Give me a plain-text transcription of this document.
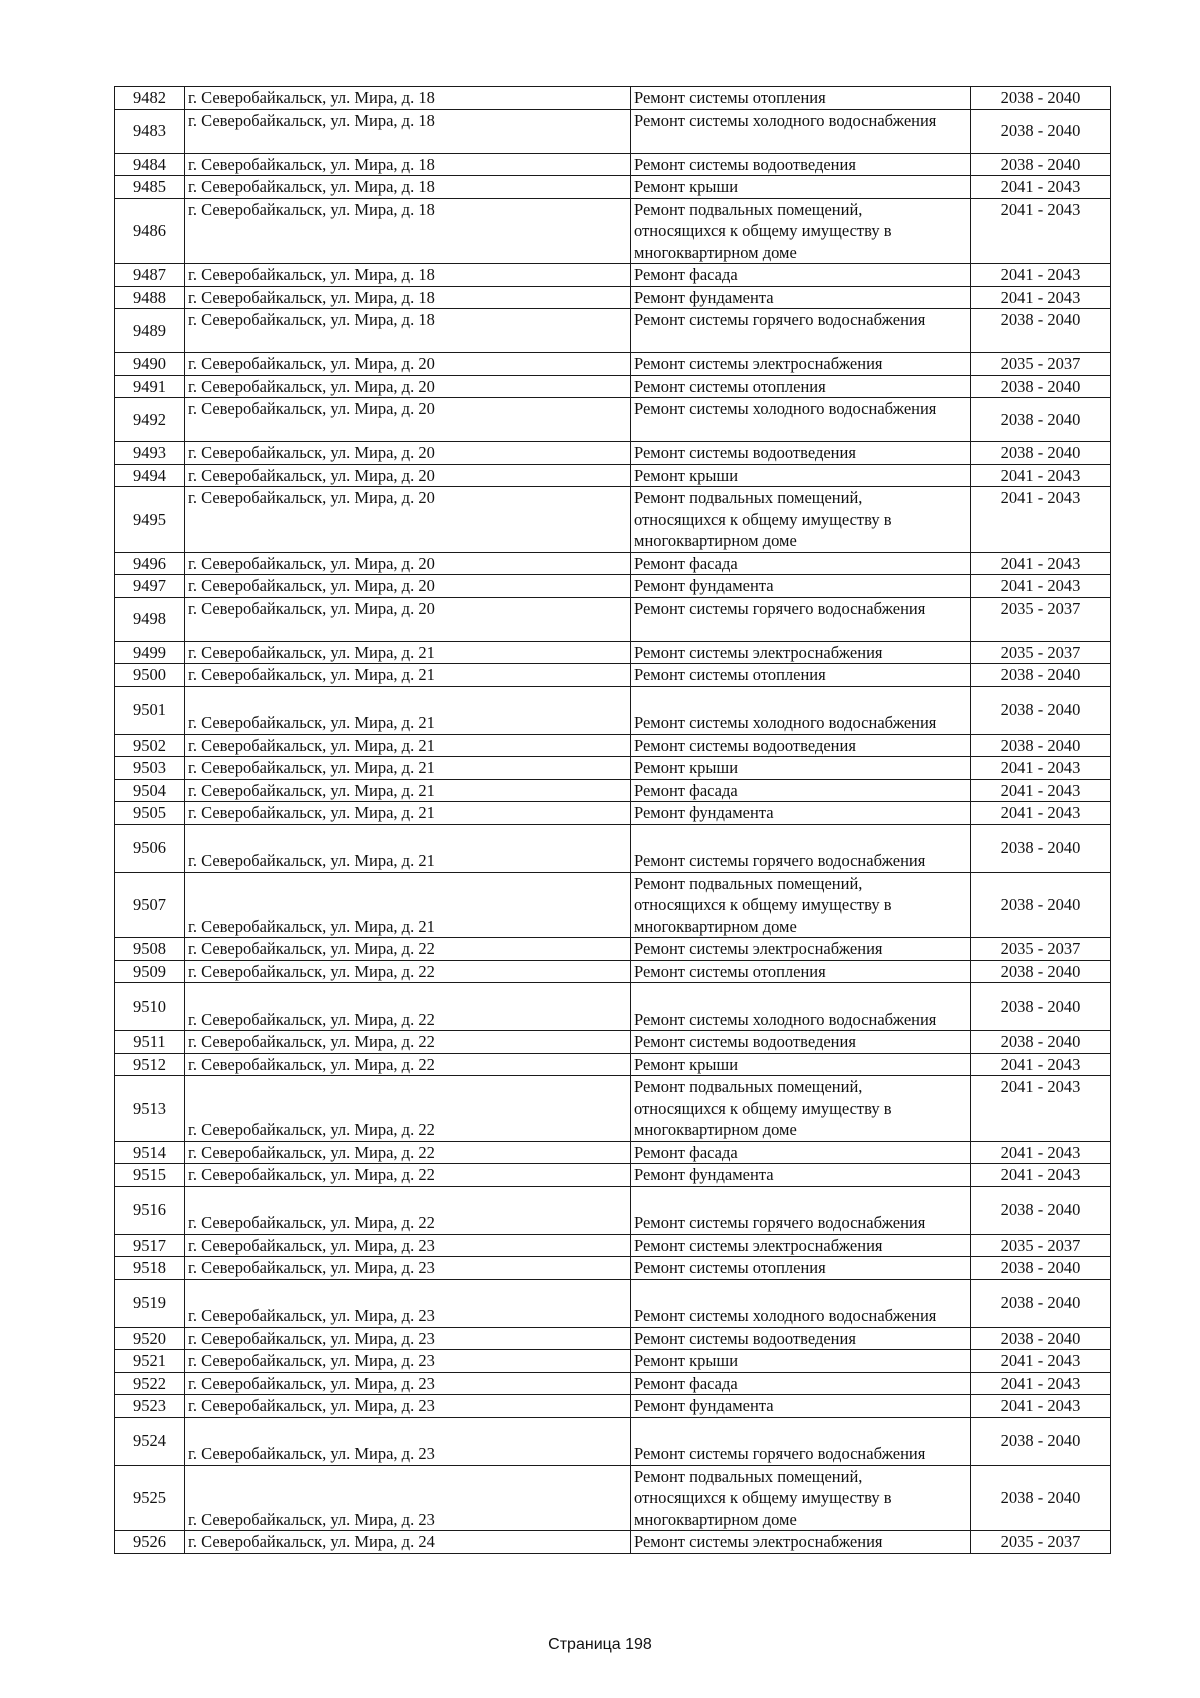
9482	г. Северобайкальск, ул. Мира, д. 18	Ремонт системы отопления	2038 - 2040
9483	г. Северобайкальск, ул. Мира, д. 18	Ремонт системы холодного водоснабжения	2038 - 2040
9484	г. Северобайкальск, ул. Мира, д. 18	Ремонт системы водоотведения	2038 - 2040
9485	г. Северобайкальск, ул. Мира, д. 18	Ремонт крыши	2041 - 2043
9486	г. Северобайкальск, ул. Мира, д. 18	Ремонт подвальных помещений,
относящихся к общему имуществу в
многоквартирном доме	2041 - 2043
9487	г. Северобайкальск, ул. Мира, д. 18	Ремонт фасада	2041 - 2043
9488	г. Северобайкальск, ул. Мира, д. 18	Ремонт фундамента	2041 - 2043
9489	г. Северобайкальск, ул. Мира, д. 18	Ремонт системы горячего водоснабжения	2038 - 2040
9490	г. Северобайкальск, ул. Мира, д. 20	Ремонт системы электроснабжения	2035 - 2037
9491	г. Северобайкальск, ул. Мира, д. 20	Ремонт системы отопления	2038 - 2040
9492	г. Северобайкальск, ул. Мира, д. 20	Ремонт системы холодного водоснабжения	2038 - 2040
9493	г. Северобайкальск, ул. Мира, д. 20	Ремонт системы водоотведения	2038 - 2040
9494	г. Северобайкальск, ул. Мира, д. 20	Ремонт крыши	2041 - 2043
9495	г. Северобайкальск, ул. Мира, д. 20	Ремонт подвальных помещений,
относящихся к общему имуществу в
многоквартирном доме	2041 - 2043
9496	г. Северобайкальск, ул. Мира, д. 20	Ремонт фасада	2041 - 2043
9497	г. Северобайкальск, ул. Мира, д. 20	Ремонт фундамента	2041 - 2043
9498	г. Северобайкальск, ул. Мира, д. 20	Ремонт системы горячего водоснабжения	2035 - 2037
9499	г. Северобайкальск, ул. Мира, д. 21	Ремонт системы электроснабжения	2035 - 2037
9500	г. Северобайкальск, ул. Мира, д. 21	Ремонт системы отопления	2038 - 2040
9501	г. Северобайкальск, ул. Мира, д. 21	Ремонт системы холодного водоснабжения	2038 - 2040
9502	г. Северобайкальск, ул. Мира, д. 21	Ремонт системы водоотведения	2038 - 2040
9503	г. Северобайкальск, ул. Мира, д. 21	Ремонт крыши	2041 - 2043
9504	г. Северобайкальск, ул. Мира, д. 21	Ремонт фасада	2041 - 2043
9505	г. Северобайкальск, ул. Мира, д. 21	Ремонт фундамента	2041 - 2043
9506	г. Северобайкальск, ул. Мира, д. 21	Ремонт системы горячего водоснабжения	2038 - 2040
9507	г. Северобайкальск, ул. Мира, д. 21	Ремонт подвальных помещений,
относящихся к общему имуществу в
многоквартирном доме	2038 - 2040
9508	г. Северобайкальск, ул. Мира, д. 22	Ремонт системы электроснабжения	2035 - 2037
9509	г. Северобайкальск, ул. Мира, д. 22	Ремонт системы отопления	2038 - 2040
9510	г. Северобайкальск, ул. Мира, д. 22	Ремонт системы холодного водоснабжения	2038 - 2040
9511	г. Северобайкальск, ул. Мира, д. 22	Ремонт системы водоотведения	2038 - 2040
9512	г. Северобайкальск, ул. Мира, д. 22	Ремонт крыши	2041 - 2043
9513	г. Северобайкальск, ул. Мира, д. 22	Ремонт подвальных помещений,
относящихся к общему имуществу в
многоквартирном доме	2041 - 2043
9514	г. Северобайкальск, ул. Мира, д. 22	Ремонт фасада	2041 - 2043
9515	г. Северобайкальск, ул. Мира, д. 22	Ремонт фундамента	2041 - 2043
9516	г. Северобайкальск, ул. Мира, д. 22	Ремонт системы горячего водоснабжения	2038 - 2040
9517	г. Северобайкальск, ул. Мира, д. 23	Ремонт системы электроснабжения	2035 - 2037
9518	г. Северобайкальск, ул. Мира, д. 23	Ремонт системы отопления	2038 - 2040
9519	г. Северобайкальск, ул. Мира, д. 23	Ремонт системы холодного водоснабжения	2038 - 2040
9520	г. Северобайкальск, ул. Мира, д. 23	Ремонт системы водоотведения	2038 - 2040
9521	г. Северобайкальск, ул. Мира, д. 23	Ремонт крыши	2041 - 2043
9522	г. Северобайкальск, ул. Мира, д. 23	Ремонт фасада	2041 - 2043
9523	г. Северобайкальск, ул. Мира, д. 23	Ремонт фундамента	2041 - 2043
9524	г. Северобайкальск, ул. Мира, д. 23	Ремонт системы горячего водоснабжения	2038 - 2040
9525	г. Северобайкальск, ул. Мира, д. 23	Ремонт подвальных помещений,
относящихся к общему имуществу в
многоквартирном доме	2038 - 2040
9526	г. Северобайкальск, ул. Мира, д. 24	Ремонт системы электроснабжения	2035 - 2037
Страница 198
